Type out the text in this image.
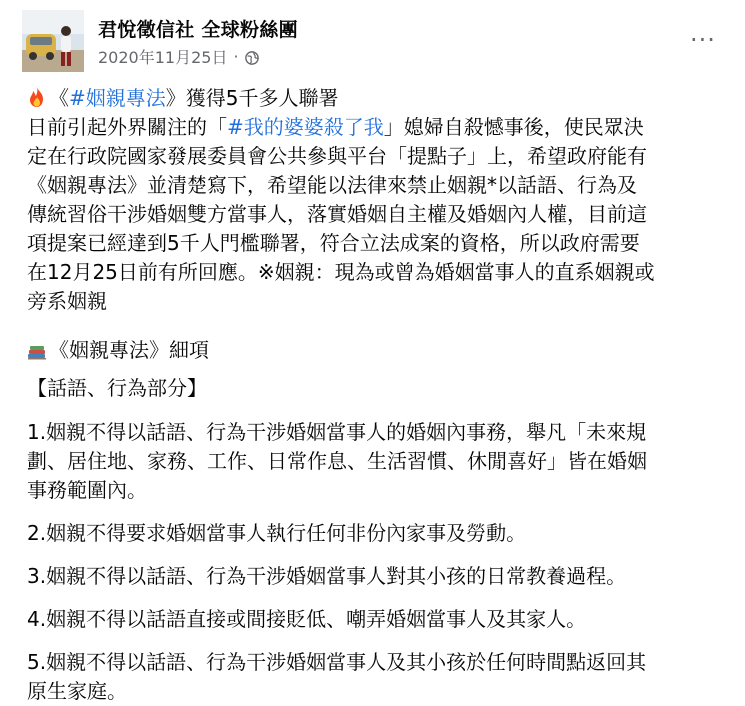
君悅徵信社 全球粉絲團
2020年11月25日 ·
···
《#姻親專法》獲得5千多人聯署
日前引起外界關注的「#我的婆婆殺了我」媳婦自殺憾事後，使民眾決
定在行政院國家發展委員會公共參與平台「提點子」上，希望政府能有
《姻親專法》並清楚寫下，希望能以法律來禁止姻親*以話語、行為及
傳統習俗干涉婚姻雙方當事人，落實婚姻自主權及婚姻內人權，目前這
項提案已經達到5千人門檻聯署，符合立法成案的資格，所以政府需要
在12月25日前有所回應。※姻親：現為或曾為婚姻當事人的直系姻親或
旁系姻親
《姻親專法》細項
【話語、行為部分】
1.姻親不得以話語、行為干涉婚姻當事人的婚姻內事務，舉凡「未來規
劃、居住地、家務、工作、日常作息、生活習慣、休閒喜好」皆在婚姻
事務範圍內。
2.姻親不得要求婚姻當事人執行任何非份內家事及勞動。
3.姻親不得以話語、行為干涉婚姻當事人對其小孩的日常教養過程。
4.姻親不得以話語直接或間接貶低、嘲弄婚姻當事人及其家人。
5.姻親不得以話語、行為干涉婚姻當事人及其小孩於任何時間點返回其
原生家庭。
